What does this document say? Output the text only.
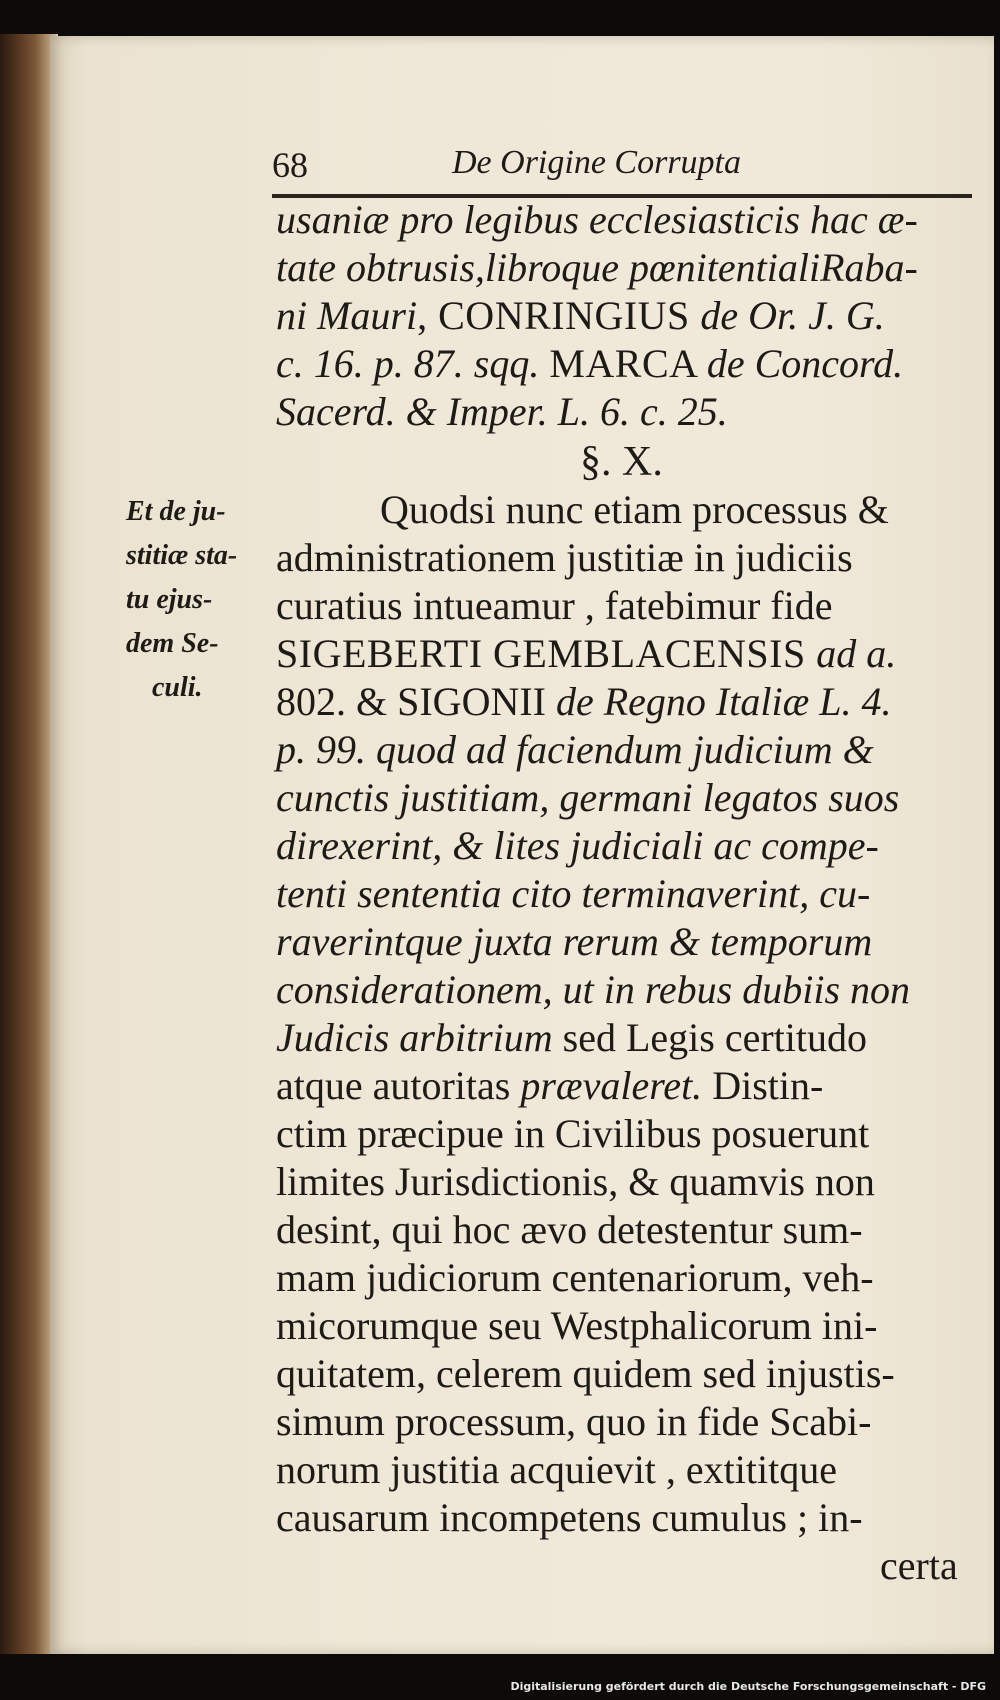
68	De Origine Corrupta
usaniæ pro legibus ecclesiasticis hac æ-
tate obtrusis,libroque pœnitentialiRaba-
ni Mauri, CONRINGIUS de Or. J. G.
c. 16. p. 87. sqq. MARCA de Concord.
Sacerd. & Imper. L. 6. c. 25.
§. X.
Et de ju-
stitiæ sta-
tu ejus-
dem Se-
culi.
Quodsi nunc etiam processus &
administrationem justitiæ in judiciis
curatius intueamur , fatebimur fide
SIGEBERTI GEMBLACENSIS ad a.
802. & SIGONII de Regno Italiæ L. 4.
p. 99. quod ad faciendum judicium &
cunctis justitiam, germani legatos suos
direxerint, & lites judiciali ac compe-
tenti sententia cito terminaverint, cu-
raverintque juxta rerum & temporum
considerationem, ut in rebus dubiis non
Judicis arbitrium sed Legis certitudo
atque autoritas prævaleret. Distin-
ctim præcipue in Civilibus posuerunt
limites Jurisdictionis, & quamvis non
desint, qui hoc ævo detestentur sum-
mam judiciorum centenariorum, veh-
micorumque seu Westphalicorum ini-
quitatem, celerem quidem sed injustis-
simum processum, quo in fide Scabi-
norum justitia acquievit , extititque
causarum incompetens cumulus ; in-
certa
Digitalisierung gefördert durch die Deutsche Forschungsgemeinschaft - DFG
